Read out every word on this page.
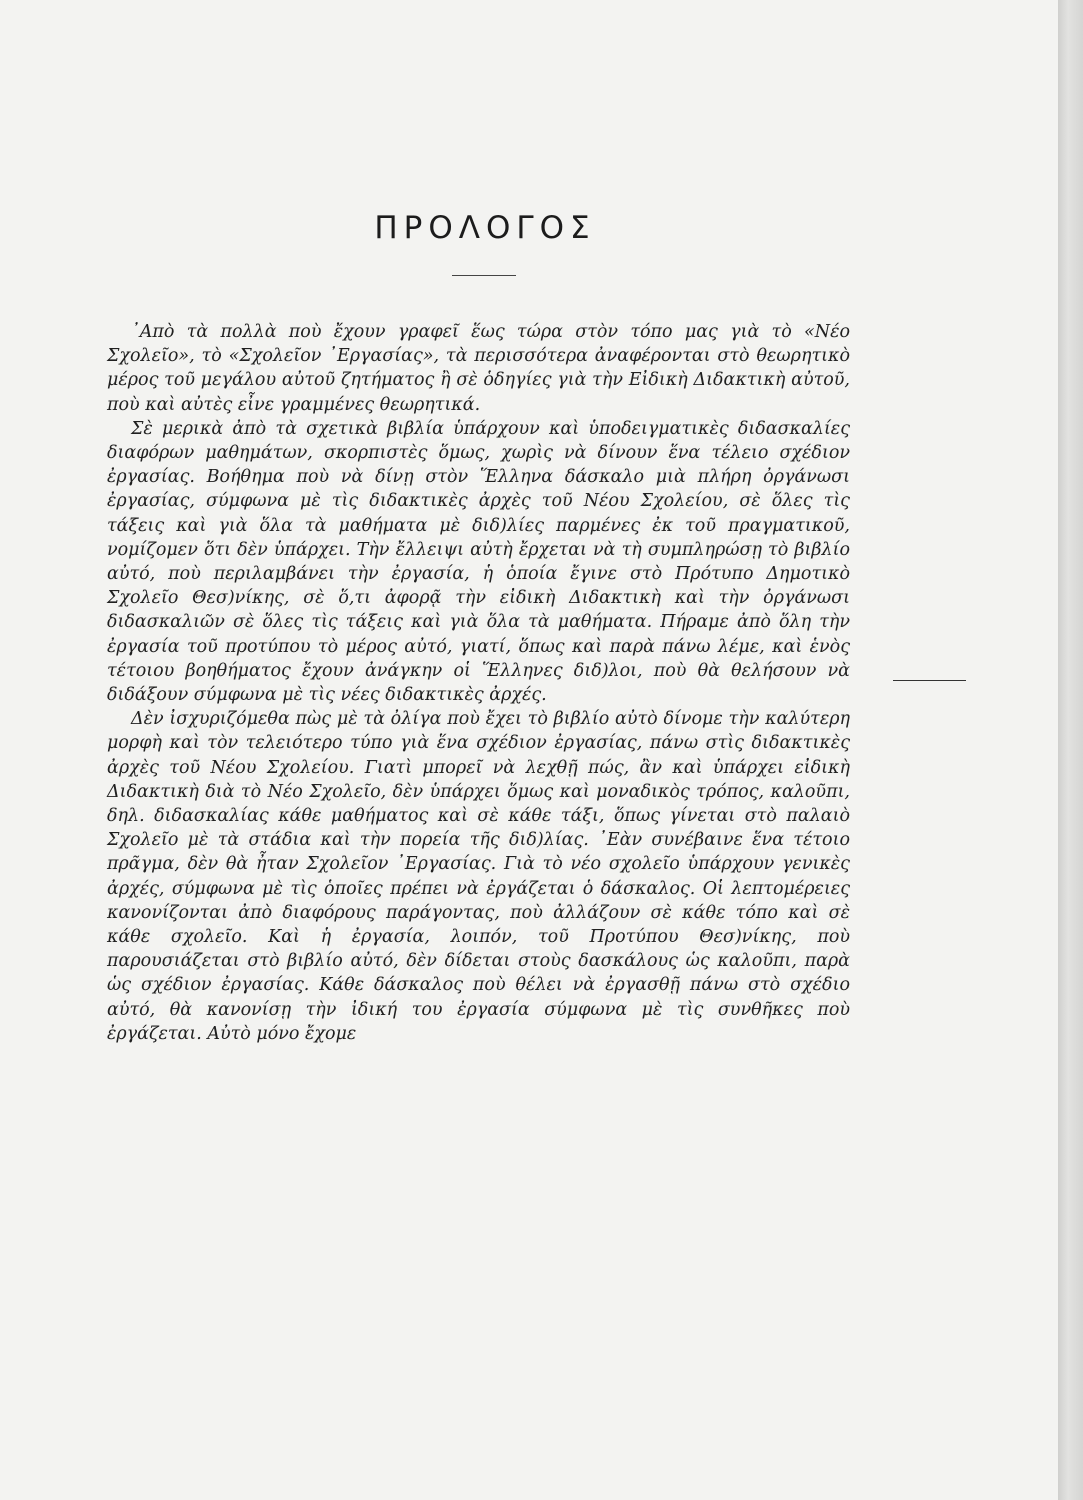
ΠΡΟΛΟΓΟΣ

᾿Απὸ τὰ πολλὰ ποὺ ἔχουν γραφεῖ ἕως τώρα στὸν τόπο μας γιὰ τὸ «Νέο Σχολεῖο», τὸ «Σχολεῖον ᾿Εργασίας», τὰ περισσότερα ἀναφέρονται στὸ θεωρητικὸ μέρος τοῦ μεγάλου αὐτοῦ ζητήματος ἢ σὲ ὁδηγίες γιὰ τὴν Εἰδικὴ Διδακτικὴ αὐτοῦ, ποὺ καὶ αὐτὲς εἶνε γραμμένες θεωρητικά.

Σὲ μερικὰ ἀπὸ τὰ σχετικὰ βιβλία ὑπάρχουν καὶ ὑποδειγματικὲς διδασκαλίες διαφόρων μαθημάτων, σκορπιστὲς ὅμως, χωρὶς νὰ δίνουν ἕνα τέλειο σχέδιον ἐργασίας. Βοήθημα ποὺ νὰ δίνῃ στὸν Ἕλληνα δάσκαλο μιὰ πλήρη ὀργάνωσι ἐργασίας, σύμφωνα μὲ τὶς διδακτικὲς ἀρχὲς τοῦ Νέου Σχολείου, σὲ ὅλες τὶς τάξεις καὶ γιὰ ὅλα τὰ μαθήματα μὲ διδ)λίες παρμένες ἐκ τοῦ πραγματικοῦ, νομίζομεν ὅτι δὲν ὑπάρχει. Τὴν ἔλλειψι αὐτὴ ἔρχεται νὰ τὴ συμπληρώσῃ τὸ βιβλίο αὐτό, ποὺ περιλαμβάνει τὴν ἐργασία, ἡ ὁποία ἔγινε στὸ Πρότυπο Δημοτικὸ Σχολεῖο Θεσ)νίκης, σὲ ὅ,τι ἀφορᾷ τὴν εἰδικὴ Διδακτικὴ καὶ τὴν ὀργάνωσι διδασκαλιῶν σὲ ὅλες τὶς τάξεις καὶ γιὰ ὅλα τὰ μαθήματα. Πήραμε ἀπὸ ὅλη τὴν ἐργασία τοῦ προτύπου τὸ μέρος αὐτό, γιατί, ὅπως καὶ παρὰ πάνω λέμε, καὶ ἑνὸς τέτοιου βοηθήματος ἔχουν ἀνάγκην οἱ Ἕλληνες διδ)λοι, ποὺ θὰ θελήσουν νὰ διδάξουν σύμφωνα μὲ τὶς νέες διδακτικὲς ἀρχές.

Δὲν ἰσχυριζόμεθα πὼς μὲ τὰ ὀλίγα ποὺ ἔχει τὸ βιβλίο αὐτὸ δίνομε τὴν καλύτερη μορφὴ καὶ τὸν τελειότερο τύπο γιὰ ἕνα σχέδιον ἐργασίας, πάνω στὶς διδακτικὲς ἀρχὲς τοῦ Νέου Σχολείου. Γιατὶ μπορεῖ νὰ λεχθῇ πώς, ἂν καὶ ὑπάρχει εἰδικὴ Διδακτικὴ διὰ τὸ Νέο Σχολεῖο, δὲν ὑπάρχει ὅμως καὶ μοναδικὸς τρόπος, καλοῦπι, δηλ. διδασκαλίας κάθε μαθήματος καὶ σὲ κάθε τάξι, ὅπως γίνεται στὸ παλαιὸ Σχολεῖο μὲ τὰ στάδια καὶ τὴν πορεία τῆς διδ)λίας. ᾿Εὰν συνέβαινε ἕνα τέτοιο πρᾶγμα, δὲν θὰ ἦταν Σχολεῖον ᾿Εργασίας. Γιὰ τὸ νέο σχολεῖο ὑπάρχουν γενικὲς ἀρχές, σύμφωνα μὲ τὶς ὁποῖες πρέπει νὰ ἐργάζεται ὁ δάσκαλος. Οἱ λεπτομέρειες κανονίζονται ἀπὸ διαφόρους παράγοντας, ποὺ ἀλλάζουν σὲ κάθε τόπο καὶ σὲ κάθε σχολεῖο. Καὶ ἡ ἐργασία, λοιπόν, τοῦ Προτύπου Θεσ)νίκης, ποὺ παρουσιάζεται στὸ βιβλίο αὐτό, δὲν δίδεται στοὺς δασκάλους ὡς καλοῦπι, παρὰ ὡς σχέδιον ἐργασίας. Κάθε δάσκαλος ποὺ θέλει νὰ ἐργασθῇ πάνω στὸ σχέδιο αὐτό, θὰ κανονίσῃ τὴν ἰδική του ἐργασία σύμφωνα μὲ τὶς συνθῆκες ποὺ ἐργάζεται. Αὐτὸ μόνο ἔχομε
